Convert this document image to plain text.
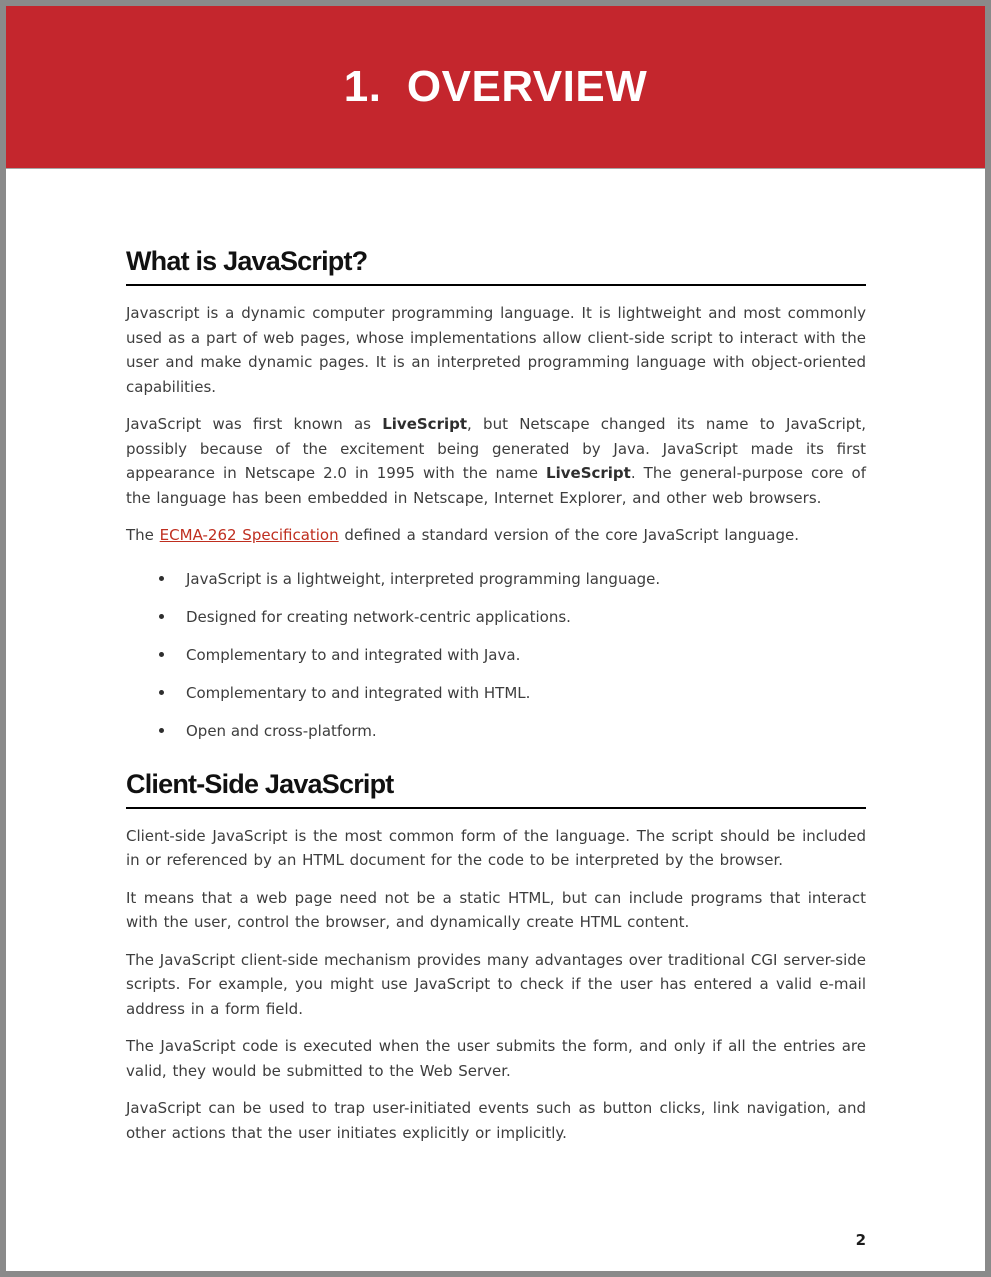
1.  OVERVIEW
What is JavaScript?

Javascript is a dynamic computer programming language. It is lightweight and most commonly used as a part of web pages, whose implementations allow client-side script to interact with the user and make dynamic pages. It is an interpreted programming language with object-oriented capabilities.

JavaScript was first known as LiveScript, but Netscape changed its name to JavaScript, possibly because of the excitement being generated by Java. JavaScript made its first appearance in Netscape 2.0 in 1995 with the name LiveScript. The general-purpose core of the language has been embedded in Netscape, Internet Explorer, and other web browsers.

The ECMA-262 Specification defined a standard version of the core JavaScript language.

JavaScript is a lightweight, interpreted programming language.
Designed for creating network-centric applications.
Complementary to and integrated with Java.
Complementary to and integrated with HTML.
Open and cross-platform.
Client-Side JavaScript

Client-side JavaScript is the most common form of the language. The script should be included in or referenced by an HTML document for the code to be interpreted by the browser.

It means that a web page need not be a static HTML, but can include programs that interact with the user, control the browser, and dynamically create HTML content.

The JavaScript client-side mechanism provides many advantages over traditional CGI server-side scripts. For example, you might use JavaScript to check if the user has entered a valid e-mail address in a form field.

The JavaScript code is executed when the user submits the form, and only if all the entries are valid, they would be submitted to the Web Server.

JavaScript can be used to trap user-initiated events such as button clicks, link navigation, and other actions that the user initiates explicitly or implicitly.

2
